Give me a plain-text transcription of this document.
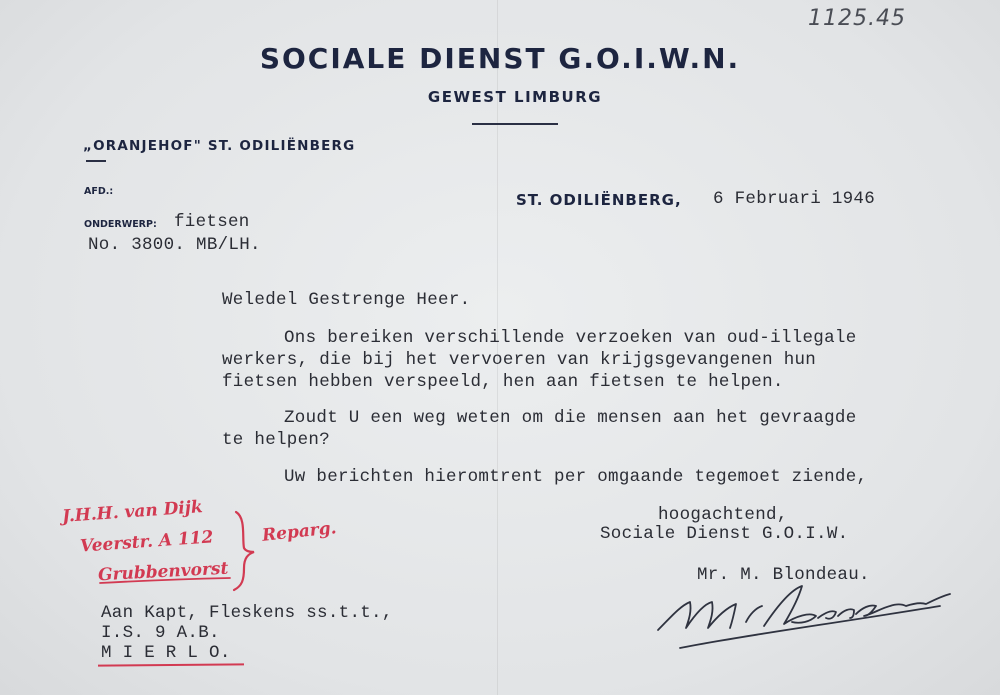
1125.45
SOCIALE DIENST G.O.I.W.N.
GEWEST LIMBURG
„ORANJEHOF" ST. ODILIËNBERG
AFD.:	ST. ODILIËNBERG, 6 Februari 1946
ONDERWERP: fietsen
No. 3800. MB/LH.
Weledel Gestrenge Heer.
Ons bereiken verschillende verzoeken van oud-illegale
werkers, die bij het vervoeren van krijgsgevangenen hun
fietsen hebben verspeeld, hen aan fietsen te helpen.
Zoudt U een weg weten om die mensen aan het gevraagde
te helpen?
Uw berichten hieromtrent per omgaande tegemoet ziende,
hoogachtend,
Sociale Dienst G.O.I.W.
Mr. M. Blondeau.
J.H.H. van Dijk
Veerstr. A 112
Grubbenvorst
Reparg.
Aan Kapt, Fleskens ss.t.t.,
I.S. 9 A.B.
M I E R L O.
